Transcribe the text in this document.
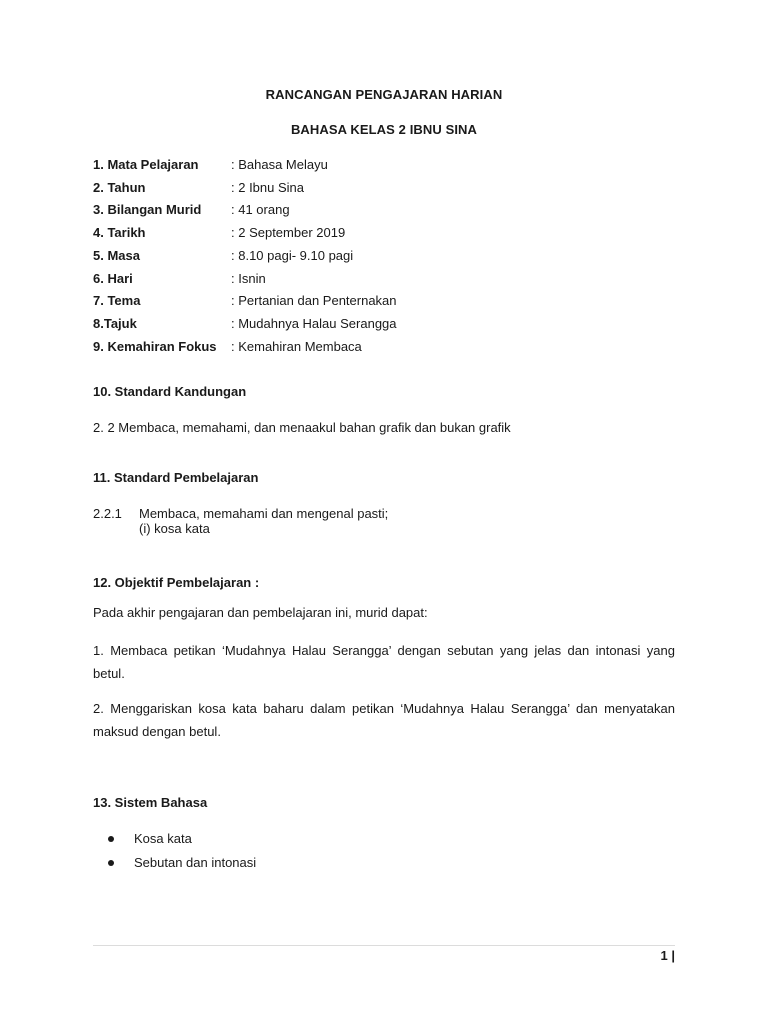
RANCANGAN PENGAJARAN HARIAN
BAHASA KELAS 2 IBNU SINA
1. Mata Pelajaran	: Bahasa Melayu
2. Tahun	: 2 Ibnu Sina
3. Bilangan Murid : 41 orang
4. Tarikh	: 2 September 2019
5. Masa	: 8.10 pagi- 9.10 pagi
6. Hari	: Isnin
7. Tema	: Pertanian dan Penternakan
8.Tajuk	: Mudahnya Halau Serangga
9. Kemahiran Fokus : Kemahiran Membaca
10. Standard Kandungan
2. 2 Membaca, memahami, dan menaakul bahan grafik dan bukan grafik
11. Standard Pembelajaran
2.2.1 Membaca, memahami dan mengenal pasti;
(i) kosa kata
12. Objektif Pembelajaran :
Pada akhir pengajaran dan pembelajaran ini, murid dapat:
1. Membaca petikan ‘Mudahnya Halau Serangga’ dengan sebutan yang jelas dan intonasi yang betul.
2. Menggariskan kosa kata baharu dalam petikan ‘Mudahnya Halau Serangga’ dan menyatakan maksud dengan betul.
13. Sistem Bahasa
Kosa kata
Sebutan dan intonasi
1 |
